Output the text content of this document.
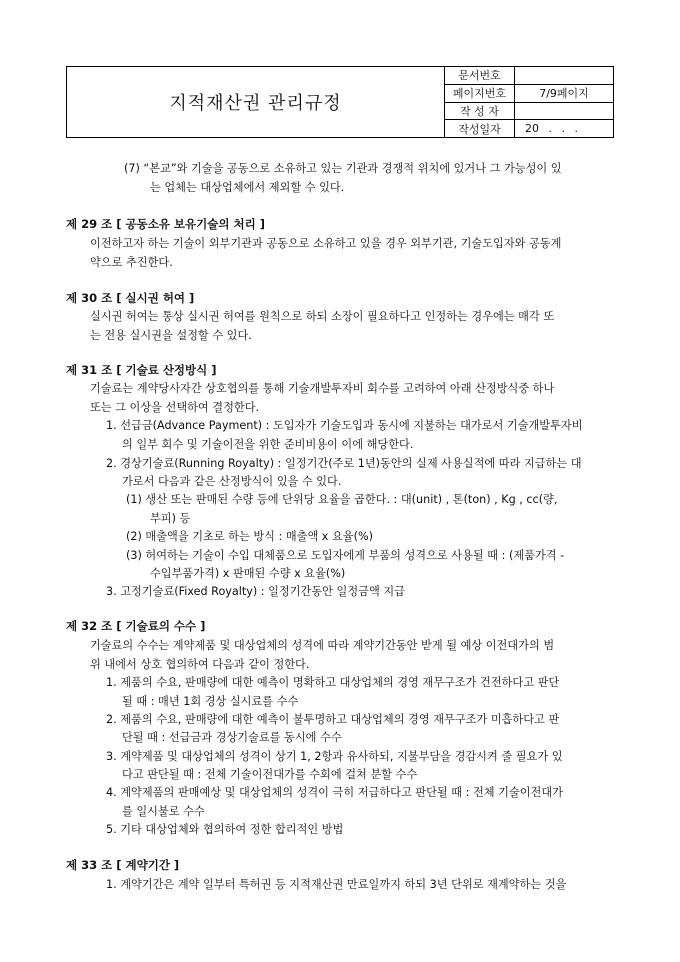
지적재산권 관리규정
문서번호
페이지번호	7/9페이지
작 성 자
작성일자	20 . . .
(7) “본교”와 기술을 공동으로 소유하고 있는 기관과 경쟁적 위치에 있거나 그 가능성이 있
는 업체는 대상업체에서 제외할 수 있다.
제 29 조 [ 공동소유 보유기술의 처리 ]
이전하고자 하는 기술이 외부기관과 공동으로 소유하고 있을 경우 외부기관, 기술도입자와 공동계
약으로 추진한다.
제 30 조 [ 실시권 허여 ]
실시권 허여는 통상 실시권 허여를 원칙으로 하되 소장이 필요하다고 인정하는 경우에는 매각 또
는 전용 실시권을 설정할 수 있다.
제 31 조 [ 기술료 산정방식 ]
기술료는 계약당사자간 상호협의를 통해 기술개발투자비 회수를 고려하여 아래 산정방식중 하나
또는 그 이상을 선택하여 결정한다.
1. 선급금(Advance Payment) : 도입자가 기술도입과 동시에 지불하는 대가로서 기술개발투자비
의 일부 회수 및 기술이전을 위한 준비비용이 이에 해당한다.
2. 경상기술료(Running Royalty) : 일정기간(주로 1년)동안의 실제 사용실적에 따라 지급하는 대
가로서 다음과 같은 산정방식이 있을 수 있다.
(1) 생산 또는 판매된 수량 등에 단위당 요율을 곱한다. : 대(unit) , 톤(ton) , Kg , cc(량,
부피) 등
(2) 매출액을 기초로 하는 방식 : 매출액 x 요율(%)
(3) 허여하는 기술이 수입 대체품으로 도입자에게 부품의 성격으로 사용될 때 : (제품가격 -
수입부품가격) x 판매된 수량 x 요율(%)
3. 고정기술료(Fixed Royalty) : 일정기간동안 일정금액 지급
제 32 조 [ 기술료의 수수 ]
기술료의 수수는 계약제품 및 대상업체의 성격에 따라 계약기간동안 받게 될 예상 이전대가의 범
위 내에서 상호 협의하여 다음과 같이 정한다.
1. 제품의 수요, 판매량에 대한 예측이 명확하고 대상업체의 경영 재무구조가 건전하다고 판단
될 때 : 매년 1회 경상 실시료를 수수
2. 제품의 수요, 판매량에 대한 예측이 불투명하고 대상업체의 경영 재무구조가 미흡하다고 판
단될 때 : 선급금과 경상기술료를 동시에 수수
3. 계약제품 및 대상업체의 성격이 상기 1, 2항과 유사하되, 지불부담을 경감시켜 줄 필요가 있
다고 판단될 때 : 전체 기술이전대가를 수회에 걸쳐 분할 수수
4. 계약제품의 판매예상 및 대상업체의 성격이 극히 저급하다고 판단될 때 : 전체 기술이전대가
를 일시불로 수수
5. 기타 대상업체와 협의하여 정한 합리적인 방법
제 33 조 [ 계약기간 ]
1. 계약기간은 계약 일부터 특허권 등 지적재산권 만료일까지 하되 3년 단위로 재계약하는 것을
